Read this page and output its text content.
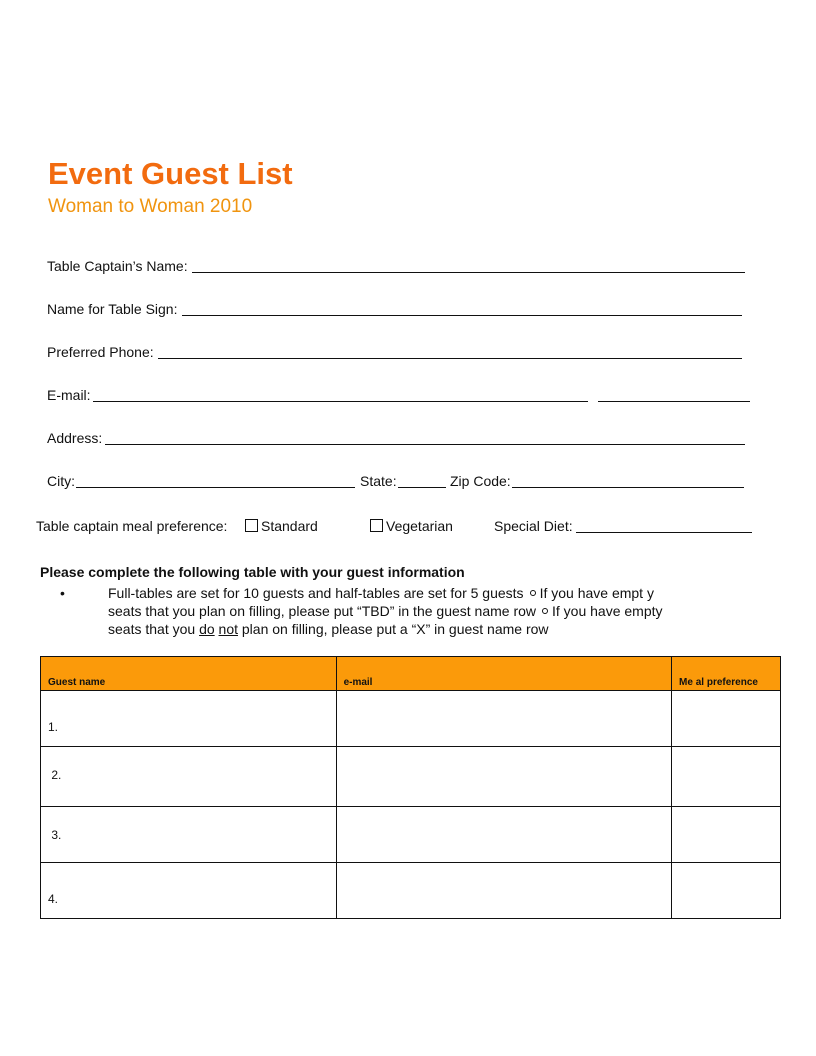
Event Guest List
Woman to Woman 2010
Table Captain’s Name:
Name for Table Sign:
Preferred Phone:
E-mail:
Address:
City:	State:	Zip Code:
Table captain meal preference:	Standard	Vegetarian	Special Diet:
Please complete the following table with your guest information
•	Full-tables are set for 10 guests and half-tables are set for 5 guests If you have empt y
seats that you plan on filling, please put “TBD” in the guest name row If you have empty
seats that you do not plan on filling, please put a “X” in guest name row
Guest name	e-mail	Me al preference
1.		
2.		
3.		
4.		
